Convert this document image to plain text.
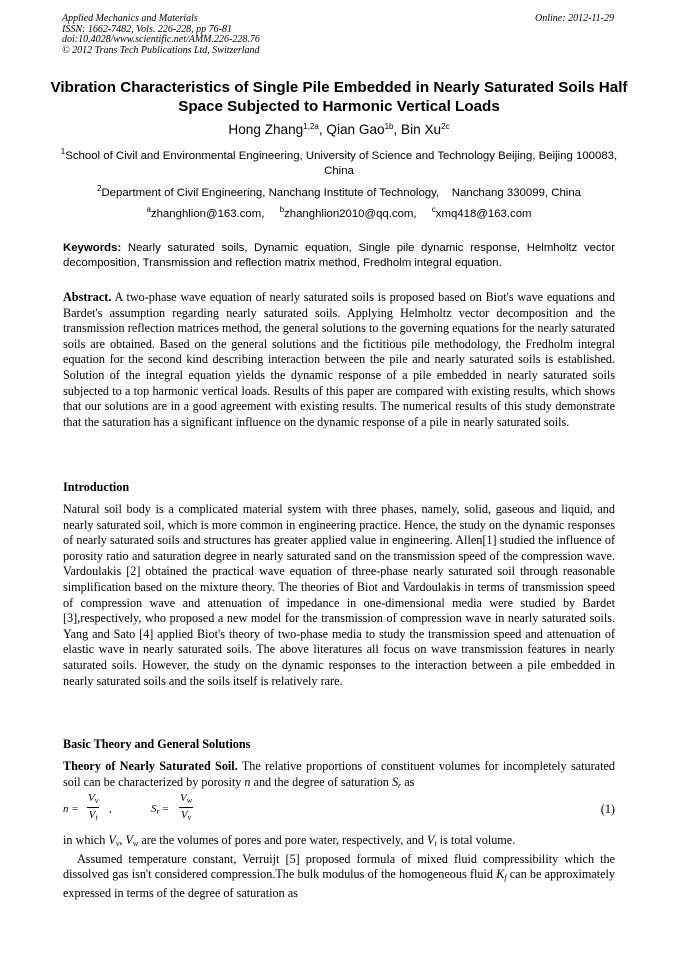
Applied Mechanics and Materials
ISSN: 1662-7482, Vols. 226-228, pp 76-81
doi:10.4028/www.scientific.net/AMM.226-228.76
© 2012 Trans Tech Publications Ltd, Switzerland
Online: 2012-11-29
Vibration Characteristics of Single Pile Embedded in Nearly Saturated Soils Half Space Subjected to Harmonic Vertical Loads
Hong Zhang$^{1,2a}$, Qian Gao$^{1b}$, Bin $Xu^{2c}$
$^1$School of Civil and Environmental Engineering, University of Science and Technology Beijing, Beijing 100083, China
$^2$Department of Civil Engineering, Nanchang Institute of Technology,    Nanchang 330099, China
$^a$zhanghlion@163.com, $^b$zhanghlion2010@qq.com, $^c$xmq418@163.com
Keywords: Nearly saturated soils, Dynamic equation, Single pile dynamic response, Helmholtz vector decomposition, Transmission and reflection matrix method, Fredholm integral equation.
Abstract. A two-phase wave equation of nearly saturated soils is proposed based on Biot's wave equations and Bardet's assumption regarding nearly saturated soils. Applying Helmholtz vector decomposition and the transmission reflection matrices method, the general solutions to the governing equations for the nearly saturated soils are obtained. Based on the general solutions and the fictitious pile methodology, the Fredholm integral equation for the second kind describing interaction between the pile and nearly saturated soils is established. Solution of the integral equation yields the dynamic response of a pile embedded in nearly saturated soils subjected to a top harmonic vertical loads. Results of this paper are compared with existing results, which shows that our solutions are in a good agreement with existing results. The numerical results of this study demonstrate that the saturation has a significant influence on the dynamic response of a pile in nearly saturated soils.
Introduction
Natural soil body is a complicated material system with three phases, namely, solid, gaseous and liquid, and nearly saturated soil, which is more common in engineering practice. Hence, the study on the dynamic responses of nearly saturated soils and structures has greater applied value in engineering. Allen[1] studied the influence of porosity ratio and saturation degree in nearly saturated sand on the transmission speed of the compression wave. Vardoulakis [2] obtained the practical wave equation of three-phase nearly saturated soil through reasonable simplification based on the mixture theory. The theories of Biot and Vardoulakis in terms of transmission speed of compression wave and attenuation of impedance in one-dimensional media were studied by Bardet [3],respectively, who proposed a new model for the transmission of compression wave in nearly saturated soils. Yang and Sato [4] applied Biot's theory of two-phase media to study the transmission speed and attenuation of elastic wave in nearly saturated soils. The above literatures all focus on wave transmission features in nearly saturated soils. However, the study on the dynamic responses to the interaction between a pile embedded in nearly saturated soils and the soils itself is relatively rare.
Basic Theory and General Solutions
Theory of Nearly Saturated Soil. The relative proportions of constituent volumes for incompletely saturated soil can be characterized by porosity n and the degree of saturation $S_r$ as
$n = \frac{V_v}{V_t}$ ,	$S_r = \frac{V_w}{V_v}$	(1)
in which $V_v$, $V_w$ are the volumes of pores and pore water, respectively, and $V_t$ is total volume.
Assumed temperature constant, Verruijt [5] proposed formula of mixed fluid compressibility which the dissolved gas isn't considered compression.The bulk modulus of the homogeneous fluid $K_f$ can be approximately expressed in terms of the degree of saturation as
